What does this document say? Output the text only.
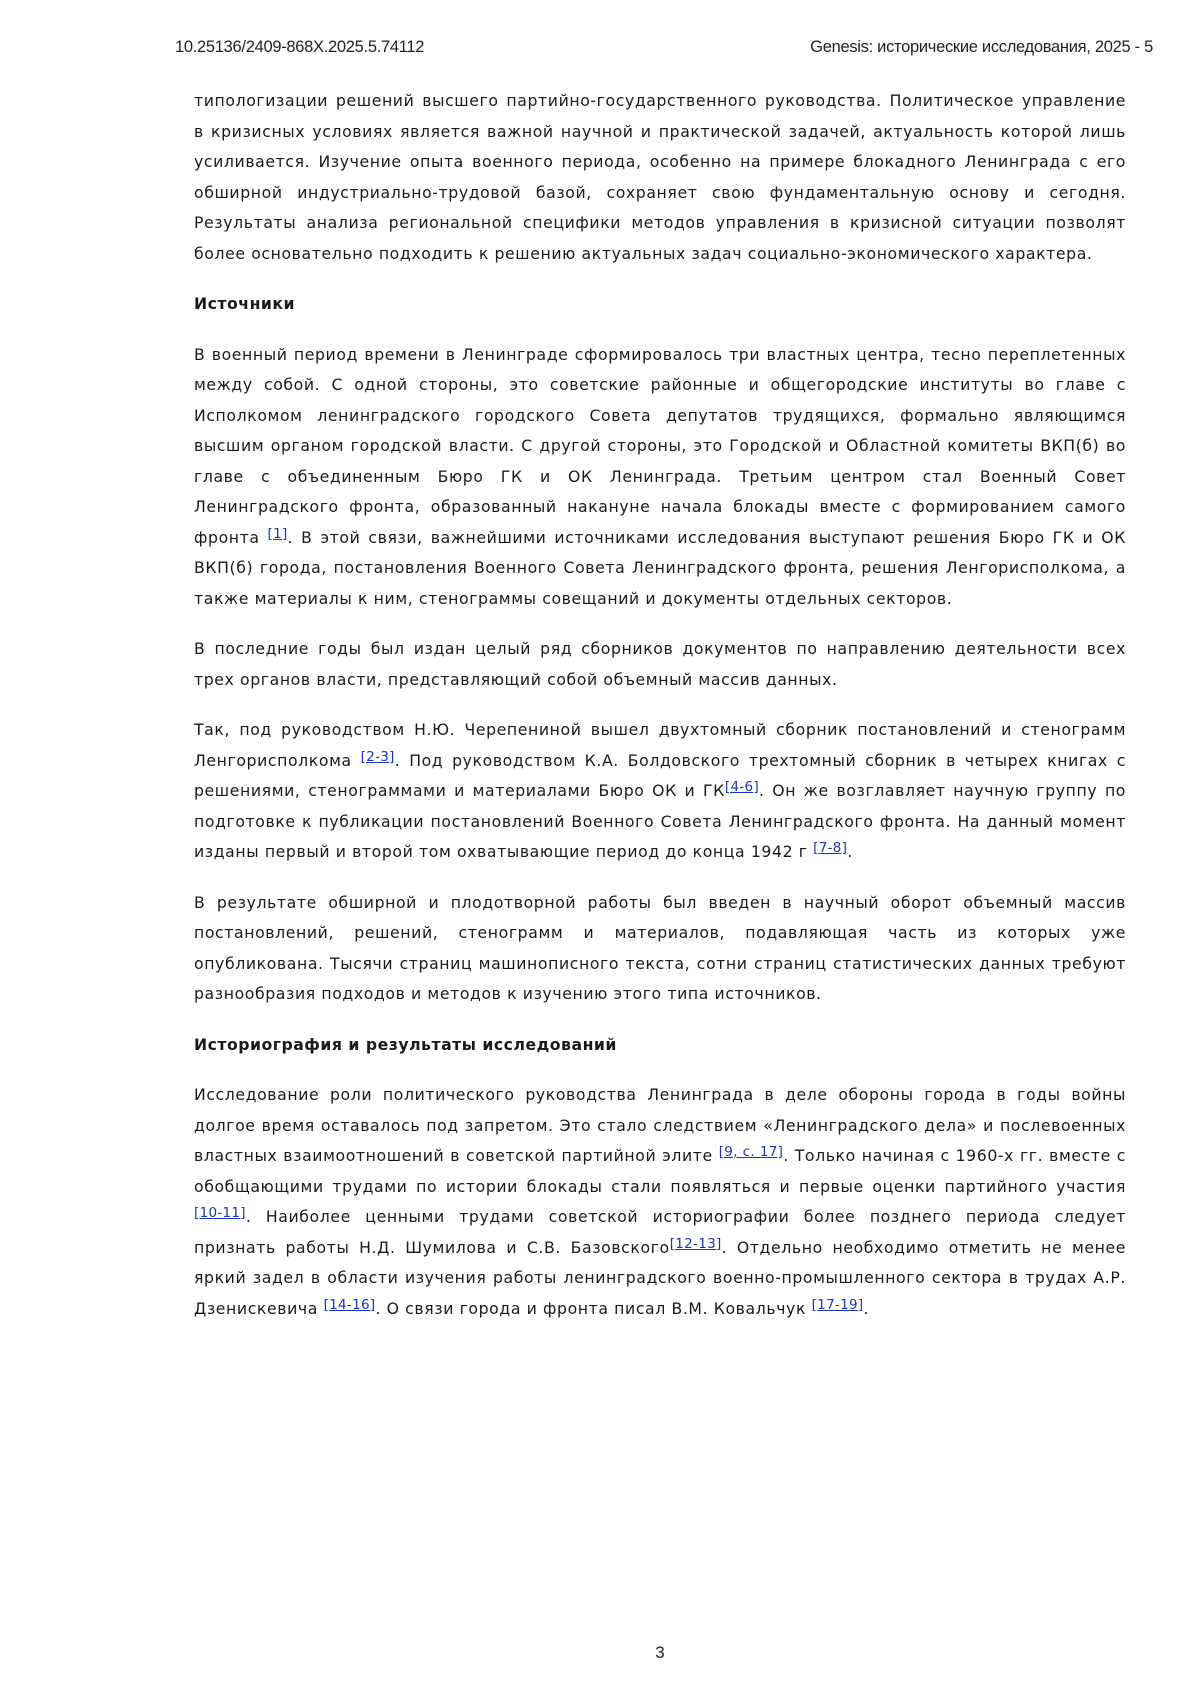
10.25136/2409-868X.2025.5.74112	Genesis: исторические исследования, 2025 - 5

типологизации решений высшего партийно-государственного руководства. Политическое управление в кризисных условиях является важной научной и практической задачей, актуальность которой лишь усиливается. Изучение опыта военного периода, особенно на примере блокадного Ленинграда с его обширной индустриально-трудовой базой, сохраняет свою фундаментальную основу и сегодня. Результаты анализа региональной специфики методов управления в кризисной ситуации позволят более основательно подходить к решению актуальных задач социально-экономического характера.

Источники

В военный период времени в Ленинграде сформировалось три властных центра, тесно переплетенных между собой. С одной стороны, это советские районные и общегородские институты во главе с Исполкомом ленинградского городского Совета депутатов трудящихся, формально являющимся высшим органом городской власти. С другой стороны, это Городской и Областной комитеты ВКП(б) во главе с объединенным Бюро ГК и ОК Ленинграда. Третьим центром стал Военный Совет Ленинградского фронта, образованный накануне начала блокады вместе с формированием самого фронта [1]. В этой связи, важнейшими источниками исследования выступают решения Бюро ГК и ОК ВКП(б) города, постановления Военного Совета Ленинградского фронта, решения Ленгорисполкома, а также материалы к ним, стенограммы совещаний и документы отдельных секторов.

В последние годы был издан целый ряд сборников документов по направлению деятельности всех трех органов власти, представляющий собой объемный массив данных.

Так, под руководством Н.Ю. Черепениной вышел двухтомный сборник постановлений и стенограмм Ленгорисполкома [2-3]. Под руководством К.А. Болдовского трехтомный сборник в четырех книгах с решениями, стенограммами и материалами Бюро ОК и ГК[4-6]. Он же возглавляет научную группу по подготовке к публикации постановлений Военного Совета Ленинградского фронта. На данный момент изданы первый и второй том охватывающие период до конца 1942 г [7-8].

В результате обширной и плодотворной работы был введен в научный оборот объемный массив постановлений, решений, стенограмм и материалов, подавляющая часть из которых уже опубликована. Тысячи страниц машинописного текста, сотни страниц статистических данных требуют разнообразия подходов и методов к изучению этого типа источников.

Историография и результаты исследований

Исследование роли политического руководства Ленинграда в деле обороны города в годы войны долгое время оставалось под запретом. Это стало следствием «Ленинградского дела» и послевоенных властных взаимоотношений в советской партийной элите [9, с. 17]. Только начиная с 1960-х гг. вместе с обобщающими трудами по истории блокады стали появляться и первые оценки партийного участия [10-11]. Наиболее ценными трудами советской историографии более позднего периода следует признать работы Н.Д. Шумилова и С.В. Базовского[12-13]. Отдельно необходимо отметить не менее яркий задел в области изучения работы ленинградского военно-промышленного сектора в трудах А.Р. Дзенискевича [14-16]. О связи города и фронта писал В.М. Ковальчук [17-19].

3
